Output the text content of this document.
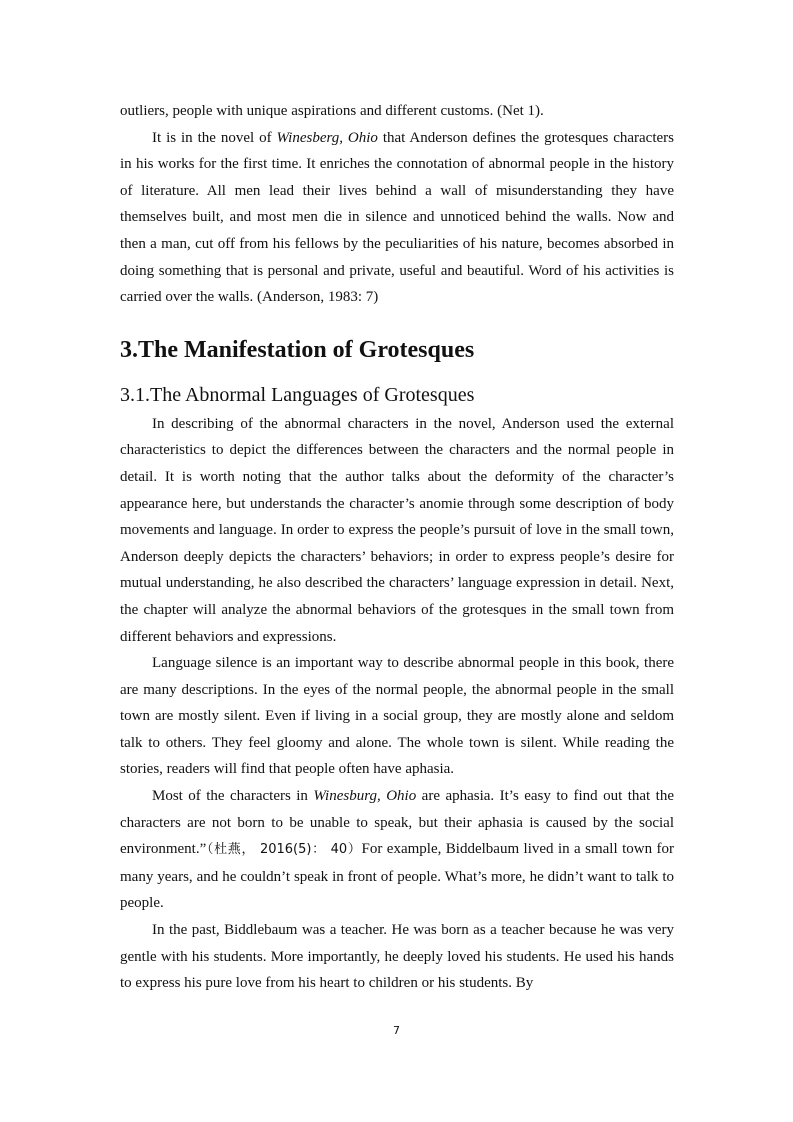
outliers, people with unique aspirations and different customs. (Net 1).

It is in the novel of Winesberg, Ohio that Anderson defines the grotesques characters in his works for the first time. It enriches the connotation of abnormal people in the history of literature. All men lead their lives behind a wall of misunderstanding they have themselves built, and most men die in silence and unnoticed behind the walls. Now and then a man, cut off from his fellows by the peculiarities of his nature, becomes absorbed in doing something that is personal and private, useful and beautiful. Word of his activities is carried over the walls. (Anderson, 1983: 7)

3.The Manifestation of Grotesques
3.1.The Abnormal Languages of Grotesques

In describing of the abnormal characters in the novel, Anderson used the external characteristics to depict the differences between the characters and the normal people in detail. It is worth noting that the author talks about the deformity of the character’s appearance here, but understands the character’s anomie through some description of body movements and language. In order to express the people’s pursuit of love in the small town, Anderson deeply depicts the characters’ behaviors; in order to express people’s desire for mutual understanding, he also described the characters’ language expression in detail. Next, the chapter will analyze the abnormal behaviors of the grotesques in the small town from different behaviors and expressions.

Language silence is an important way to describe abnormal people in this book, there are many descriptions. In the eyes of the normal people, the abnormal people in the small town are mostly silent. Even if living in a social group, they are mostly alone and seldom talk to others. They feel gloomy and alone. The whole town is silent. While reading the stories, readers will find that people often have aphasia.

Most of the characters in Winesburg, Ohio are aphasia. It’s easy to find out that the characters are not born to be unable to speak, but their aphasia is caused by the social environment.”（杜燕， 2016(5)： 40）For example, Biddelbaum lived in a small town for many years, and he couldn’t speak in front of people. What’s more, he didn’t want to talk to people.

In the past, Biddlebaum was a teacher. He was born as a teacher because he was very gentle with his students. More importantly, he deeply loved his students. He used his hands to express his pure love from his heart to children or his students. By

7
